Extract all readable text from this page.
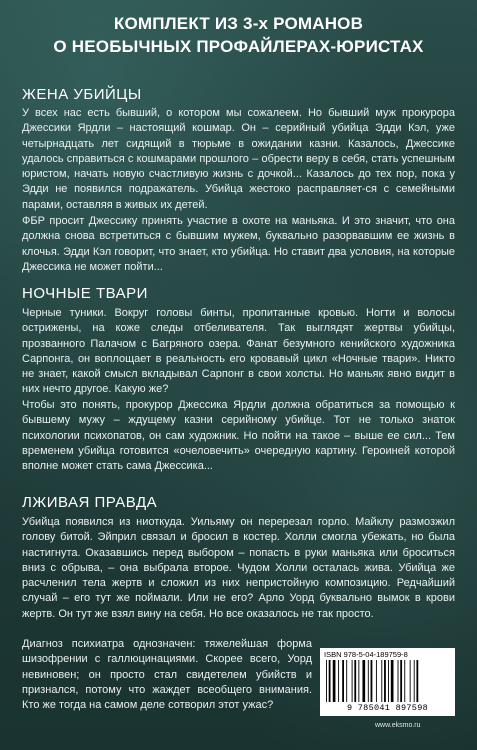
КОМПЛЕКТ ИЗ 3-х РОМАНОВ
О НЕОБЫЧНЫХ ПРОФАЙЛЕРАХ-ЮРИСТАХ
ЖЕНА УБИЙЦЫ
У всех нас есть бывший, о котором мы сожалеем. Но бывший муж прокурора Джессики Ярдли – настоящий кошмар. Он – серийный убийца Эдди Кэл, уже четырнадцать лет сидящий в тюрьме в ожидании казни. Казалось, Джессике удалось справиться с кошмарами прошлого – обрести веру в себя, стать успешным юристом, начать новую счастливую жизнь с дочкой... Казалось до тех пор, пока у Эдди не появился подражатель. Убийца жестоко расправляет-ся с семейными парами, оставляя в живых их детей.
ФБР просит Джессику принять участие в охоте на маньяка. И это значит, что она должна снова встретиться с бывшим мужем, буквально разорвавшим ее жизнь в клочья. Эдди Кэл говорит, что знает, кто убийца. Но ставит два условия, на которые Джессика не может пойти...
НОЧНЫЕ ТВАРИ
Черные туники. Вокруг головы бинты, пропитанные кровью. Ногти и волосы острижены, на коже следы отбеливателя. Так выглядят жертвы убийцы, прозванного Палачом с Багряного озера. Фанат безумного кенийского художника Сарпонга, он воплощает в реальность его кровавый цикл «Ночные твари». Никто не знает, какой смысл вкладывал Сарпонг в свои холсты. Но маньяк явно видит в них нечто другое. Какую же?
Чтобы это понять, прокурор Джессика Ярдли должна обратиться за помощью к бывшему мужу – ждущему казни серийному убийце. Тот не только знаток психологии психопатов, он сам художник. Но пойти на такое – выше ее сил... Тем временем убийца готовится «очеловечить» очередную картину. Героиней которой вполне может стать сама Джессика...
ЛЖИВАЯ ПРАВДА
Убийца появился из ниоткуда. Уильяму он перерезал горло. Майклу размозжил голову битой. Эйприл связал и бросил в костер. Холли смогла убежать, но была настигнута. Оказавшись перед выбором – попасть в руки маньяка или броситься вниз с обрыва, – она выбрала второе. Чудом Холли осталась жива. Убийца же расчленил тела жертв и сложил из них непристойную композицию. Редчайший случай – его тут же поймали. Или не его? Арло Уорд буквально вымок в крови жертв. Он тут же взял вину на себя. Но все оказалось не так просто.
Диагноз психиатра однозначен: тяжелейшая форма шизофрении с галлюцинациями. Скорее всего, Уорд невиновен; он просто стал свидетелем убийств и признался, потому что жаждет всеобщего внимания. Кто же тогда на самом деле сотворил этот ужас?
ISBN 978-5-04-189759-8
9 785041 897598
www.eksmo.ru
